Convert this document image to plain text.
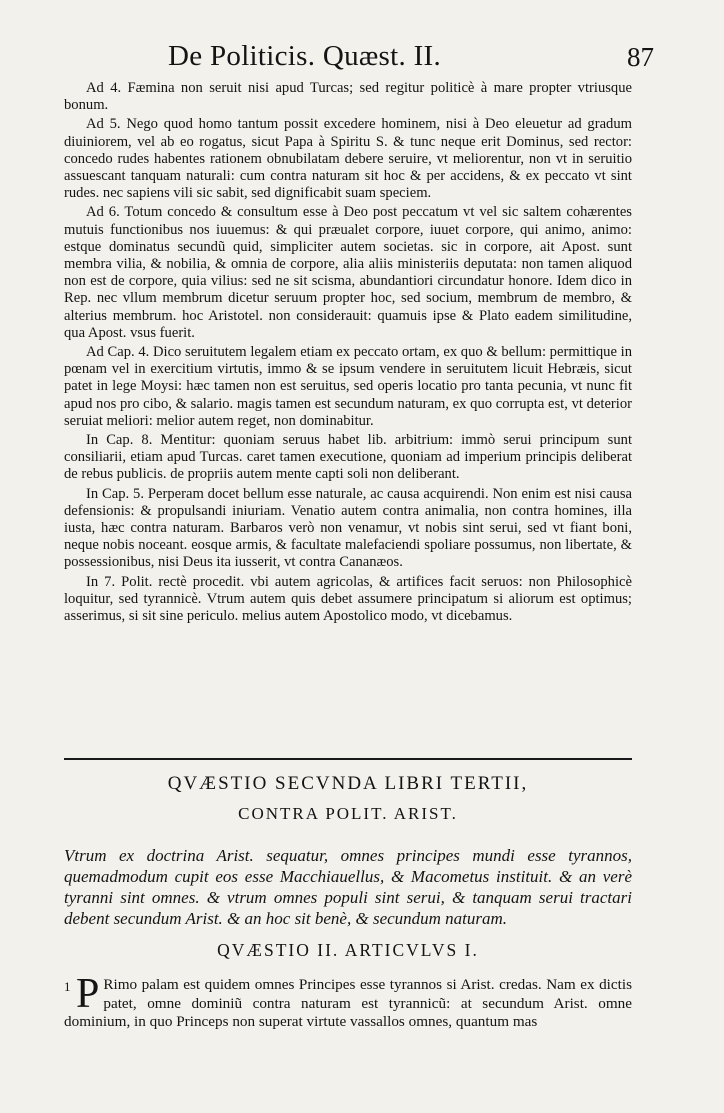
De Politicis. Quæst. II.	87

Ad 4. Fæmina non seruit nisi apud Turcas; sed regitur politicè à mare propter vtriusque bonum.

Ad 5. Nego quod homo tantum possit excedere hominem, nisi à Deo eleuetur ad gradum diuiniorem, vel ab eo rogatus, sicut Papa à Spiritu S. & tunc neque erit Dominus, sed rector: concedo rudes habentes rationem obnubilatam debere seruire, vt meliorentur, non vt in seruitio assuescant tanquam naturali: cum contra naturam sit hoc & per accidens, & ex peccato vt sint rudes. nec sapiens vili sic sabit, sed dignificabit suam speciem.

Ad 6. Totum concedo & consultum esse à Deo post peccatum vt vel sic saltem cohærentes mutuis functionibus nos iuuemus: & qui præualet corpore, iuuet corpore, qui animo, animo: estque dominatus secundũ quid, simpliciter autem societas. sic in corpore, ait Apost. sunt membra vilia, & nobilia, & omnia de corpore, alia aliis ministeriis deputata: non tamen aliquod non est de corpore, quia vilius: sed ne sit scisma, abundantiori circundatur honore. Idem dico in Rep. nec vllum membrum dicetur seruum propter hoc, sed socium, membrum de membro, & alterius membrum. hoc Aristotel. non considerauit: quamuis ipse & Plato eadem similitudine, qua Apost. vsus fuerit.

Ad Cap. 4. Dico seruitutem legalem etiam ex peccato ortam, ex quo & bellum: permittique in pœnam vel in exercitium virtutis, immo & se ipsum vendere in seruitutem licuit Hebræis, sicut patet in lege Moysi: hæc tamen non est seruitus, sed operis locatio pro tanta pecunia, vt nunc fit apud nos pro cibo, & salario. magis tamen est secundum naturam, ex quo corrupta est, vt deterior seruiat meliori: melior autem reget, non dominabitur.

In Cap. 8. Mentitur: quoniam seruus habet lib. arbitrium: immò serui principum sunt consiliarii, etiam apud Turcas. caret tamen executione, quoniam ad imperium principis deliberat de rebus publicis. de propriis autem mente capti soli non deliberant.

In Cap. 5. Perperam docet bellum esse naturale, ac causa acquirendi. Non enim est nisi causa defensionis: & propulsandi iniuriam. Venatio autem contra animalia, non contra homines, illa iusta, hæc contra naturam. Barbaros verò non venamur, vt nobis sint serui, sed vt fiant boni, neque nobis noceant. eosque armis, & facultate malefaciendi spoliare possumus, non libertate, & possessionibus, nisi Deus ita iusserit, vt contra Cananæos.

In 7. Polit. rectè procedit. vbi autem agricolas, & artifices facit seruos: non Philosophicè loquitur, sed tyrannicè. Vtrum autem quis debet assumere principatum si aliorum est optimus; asserimus, si sit sine periculo. melius autem Apostolico modo, vt dicebamus.

QVÆSTIO SECVNDA LIBRI TERTII,
CONTRA POLIT. ARIST.
Vtrum ex doctrina Arist. sequatur, omnes principes mundi esse tyrannos, quemadmodum cupit eos esse Macchiauellus, & Macometus instituit. & an verè tyranni sint omnes. & vtrum omnes populi sint serui, & tanquam serui tractari debent secundum Arist. & an hoc sit benè, & secundum naturam.
QVÆSTIO II. ARTICVLVS I.
1 P Rimo palam est quidem omnes Principes esse tyrannos si Arist. credas. Nam ex dictis patet, omne dominiũ contra naturam est tyrannicũ: at secundum Arist. omne dominium, in quo Princeps non superat virtute vassallos omnes, quantum mas
